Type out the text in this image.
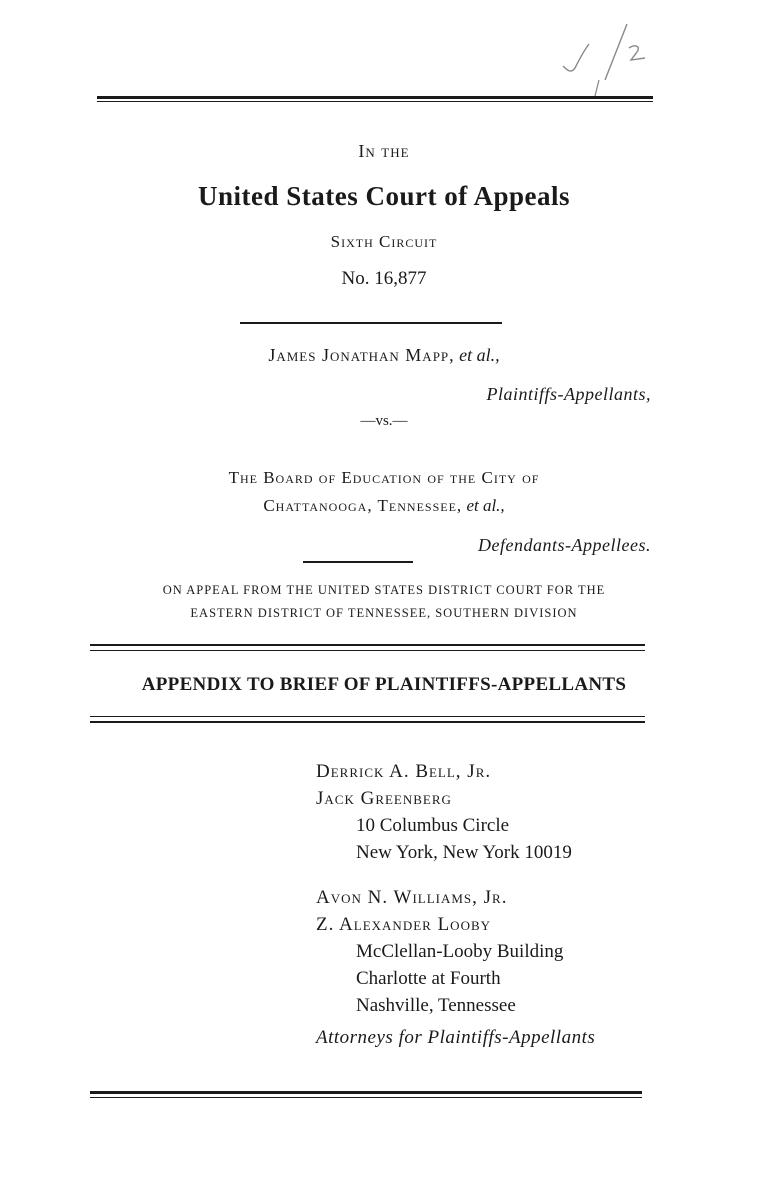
In the
United States Court of Appeals
Sixth Circuit
No. 16,877
James Jonathan Mapp, et al.,
Plaintiffs-Appellants,
—vs.—
The Board of Education of the City of
Chattanooga, Tennessee, et al.,
Defendants-Appellees.
ON APPEAL FROM THE UNITED STATES DISTRICT COURT FOR THE
EASTERN DISTRICT OF TENNESSEE, SOUTHERN DIVISION
APPENDIX TO BRIEF OF PLAINTIFFS-APPELLANTS
Derrick A. Bell, Jr.
Jack Greenberg
10 Columbus Circle
New York, New York 10019
Avon N. Williams, Jr.
Z. Alexander Looby
McClellan-Looby Building
Charlotte at Fourth
Nashville, Tennessee
Attorneys for Plaintiffs-Appellants
